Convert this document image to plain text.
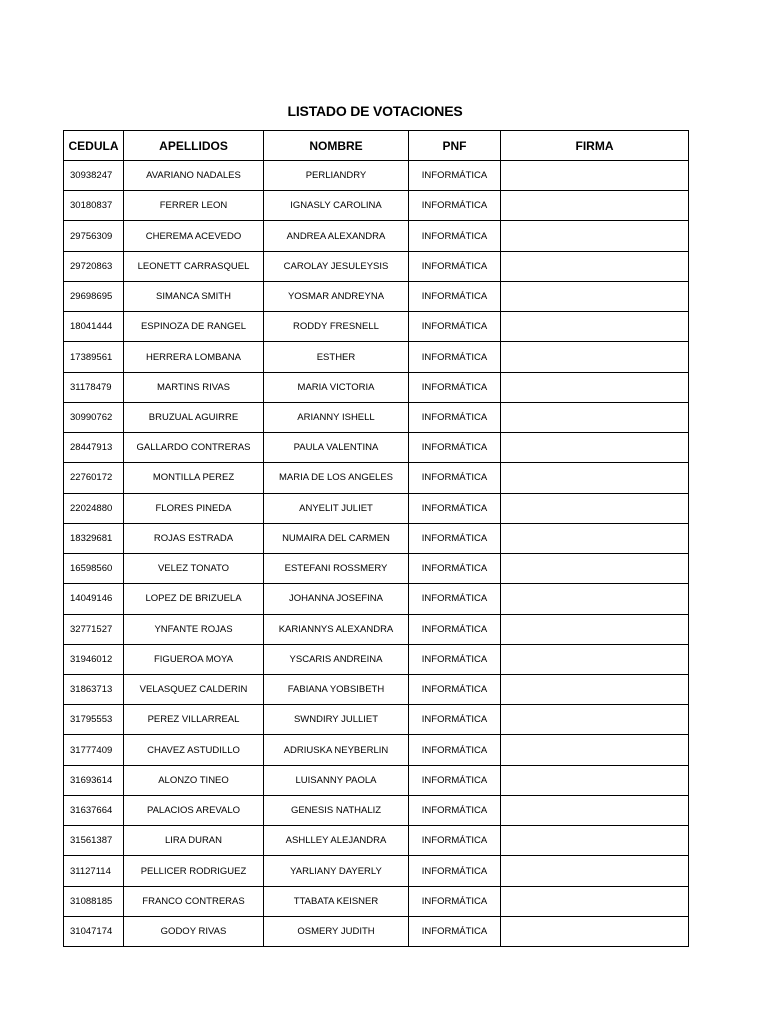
LISTADO DE VOTACIONES
CEDULA	APELLIDOS	NOMBRE	PNF	FIRMA
30938247	AVARIANO NADALES	PERLIANDRY	INFORMÁTICA	
30180837	FERRER LEON	IGNASLY CAROLINA	INFORMÁTICA	
29756309	CHEREMA ACEVEDO	ANDREA ALEXANDRA	INFORMÁTICA	
29720863	LEONETT CARRASQUEL	CAROLAY JESULEYSIS	INFORMÁTICA	
29698695	SIMANCA SMITH	YOSMAR ANDREYNA	INFORMÁTICA	
18041444	ESPINOZA DE RANGEL	RODDY FRESNELL	INFORMÁTICA	
17389561	HERRERA LOMBANA	ESTHER	INFORMÁTICA	
31178479	MARTINS RIVAS	MARIA VICTORIA	INFORMÁTICA	
30990762	BRUZUAL AGUIRRE	ARIANNY ISHELL	INFORMÁTICA	
28447913	GALLARDO CONTRERAS	PAULA VALENTINA	INFORMÁTICA	
22760172	MONTILLA PEREZ	MARIA DE LOS ANGELES	INFORMÁTICA	
22024880	FLORES PINEDA	ANYELIT JULIET	INFORMÁTICA	
18329681	ROJAS ESTRADA	NUMAIRA DEL CARMEN	INFORMÁTICA	
16598560	VELEZ TONATO	ESTEFANI ROSSMERY	INFORMÁTICA	
14049146	LOPEZ DE BRIZUELA	JOHANNA JOSEFINA	INFORMÁTICA	
32771527	YNFANTE ROJAS	KARIANNYS ALEXANDRA	INFORMÁTICA	
31946012	FIGUEROA MOYA	YSCARIS ANDREINA	INFORMÁTICA	
31863713	VELASQUEZ CALDERIN	FABIANA YOBSIBETH	INFORMÁTICA	
31795553	PEREZ VILLARREAL	SWNDIRY JULLIET	INFORMÁTICA	
31777409	CHAVEZ ASTUDILLO	ADRIUSKA NEYBERLIN	INFORMÁTICA	
31693614	ALONZO TINEO	LUISANNY PAOLA	INFORMÁTICA	
31637664	PALACIOS AREVALO	GENESIS NATHALIZ	INFORMÁTICA	
31561387	LIRA DURAN	ASHLLEY ALEJANDRA	INFORMÁTICA	
31127114	PELLICER RODRIGUEZ	YARLIANY DAYERLY	INFORMÁTICA	
31088185	FRANCO CONTRERAS	TTABATA KEISNER	INFORMÁTICA	
31047174	GODOY RIVAS	OSMERY JUDITH	INFORMÁTICA	
